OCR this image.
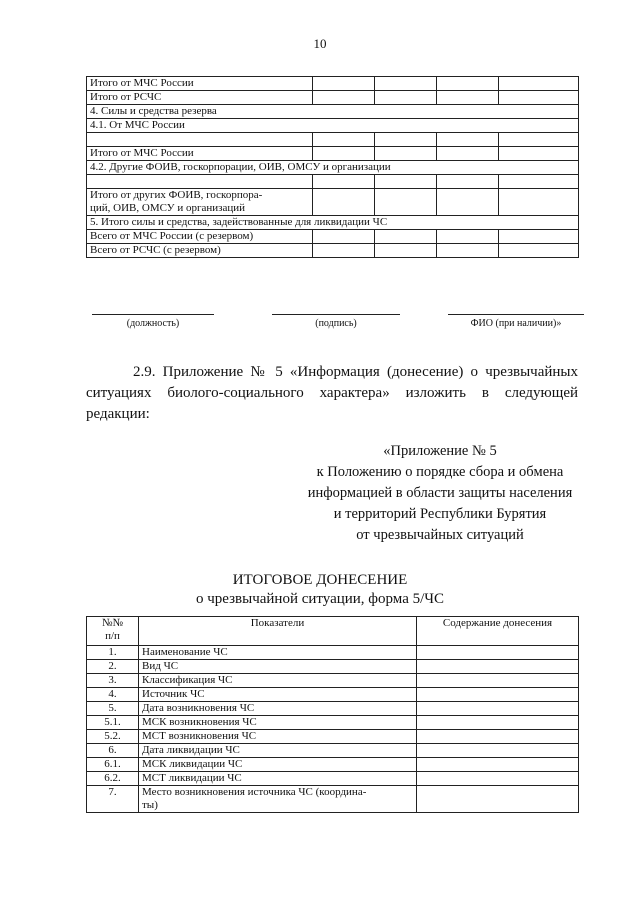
10
Итого от МЧС России				

Итого от РСЧС				

4. Силы и средства резерва				
4.1. От МЧС России				

Итого от МЧС России				

4.2. Другие ФОИВ, госкорпорации, ОИВ, ОМСУ и организации				

Итого от других ФОИВ, госкорпора-
ций, ОИВ, ОМСУ и организаций				

5. Итого силы и средства, задействованные для ликвидации ЧС				

Всего от МЧС России (с резервом)				

Всего от РСЧС (с резервом)				

(должность)	(подпись)	ФИО (при наличии)»
2.9. Приложение № 5 «Информация (донесение) о чрезвычайных
ситуациях биолого-социального характера» изложить в следующей
редакции:
«Приложение № 5
к Положению о порядке сбора и обмена
информацией в области защиты населения
и территорий Республики Бурятия
от чрезвычайных ситуаций
ИТОГОВОЕ ДОНЕСЕНИЕ
о чрезвычайной ситуации, форма 5/ЧС
№№
п/п	Показатели	Содержание донесения
1.	Наименование ЧС	

2.	Вид ЧС	

3.	Классификация ЧС	

4.	Источник ЧС	

5.	Дата возникновения ЧС	

5.1.	МСК возникновения ЧС	

5.2.	МСТ возникновения ЧС	

6.	Дата ликвидации ЧС	

6.1.	МСК ликвидации ЧС	

6.2.	МСТ ликвидации ЧС	

7.	Место возникновения источника ЧС (координа-
ты)	
